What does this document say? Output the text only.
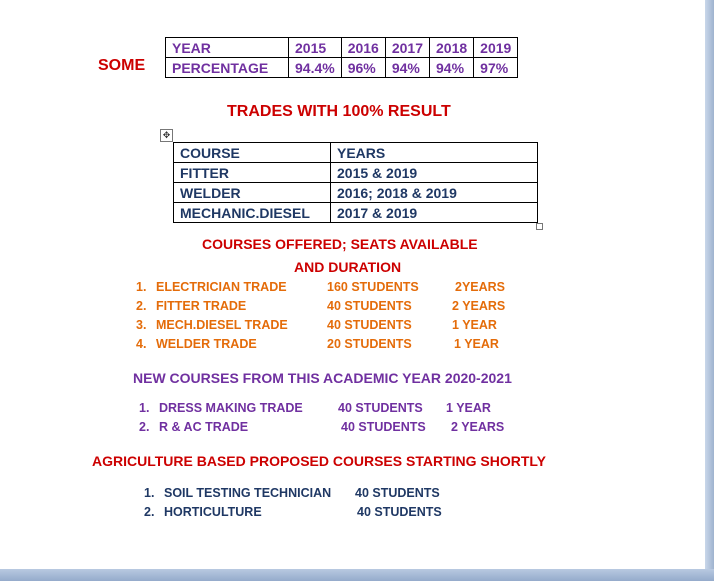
SOME
YEAR	2015	2016	2017	2018	2019
PERCENTAGE	94.4%	96%	94%	94%	97%
TRADES WITH 100% RESULT
✥
COURSE	YEARS
FITTER	2015 & 2019
WELDER	2016; 2018 & 2019
MECHANIC.DIESEL	2017 & 2019
COURSES OFFERED; SEATS AVAILABLE
AND DURATION
1. ELECTRICIAN TRADE	160 STUDENTS	2YEARS
2. FITTER TRADE	40 STUDENTS	2 YEARS
3. MECH.DIESEL TRADE	40 STUDENTS	1 YEAR
4. WELDER TRADE	20 STUDENTS	1 YEAR
NEW COURSES FROM THIS ACADEMIC YEAR 2020-2021
1. DRESS MAKING TRADE	40 STUDENTS 1 YEAR
2. R & AC TRADE	40 STUDENTS 2 YEARS
AGRICULTURE BASED PROPOSED COURSES STARTING SHORTLY
1. SOIL TESTING TECHNICIAN 40 STUDENTS
2. HORTICULTURE	40 STUDENTS
